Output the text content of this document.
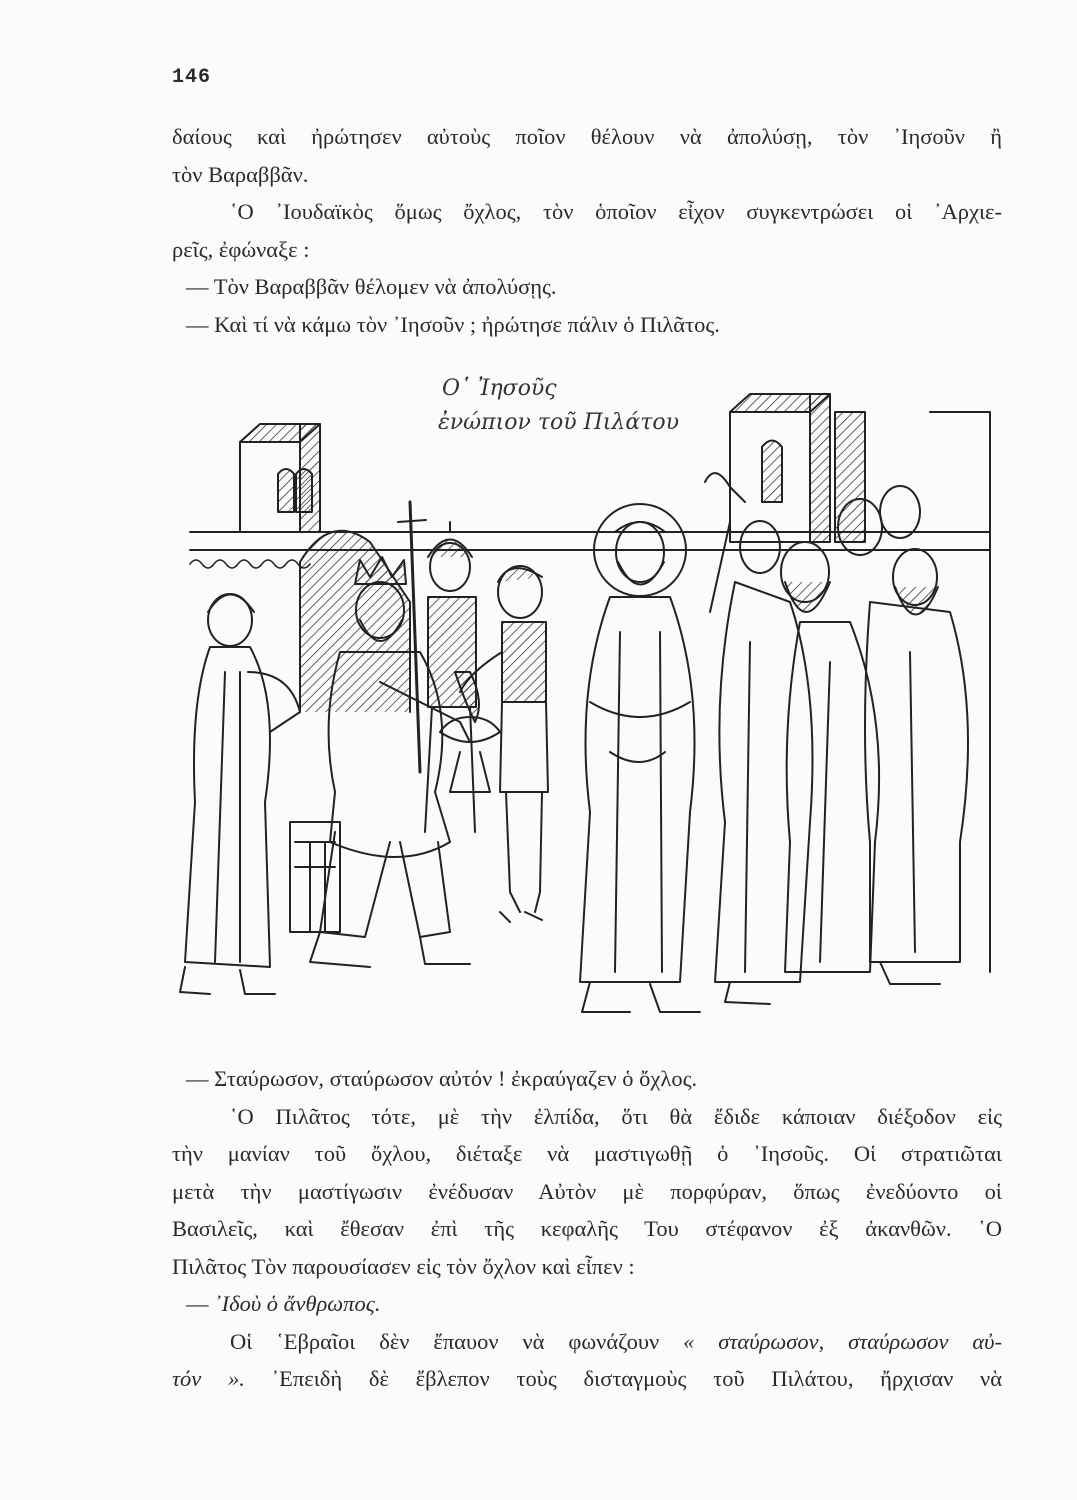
146
δαίους καὶ ἠρώτησεν αὐτοὺς ποῖον θέλουν νὰ ἀπολύσῃ, τὸν ᾿Ιησοῦν ἢ
τὸν Βαραββᾶν.
῾Ο ᾿Ιουδαϊκὸς ὅμως ὄχλος, τὸν ὁποῖον εἶχον συγκεντρώσει οἱ ᾿Αρχιε-
ρεῖς, ἐφώναξε :
— Τὸν Βαραββᾶν θέλομεν νὰ ἀπολύσῃς.
— Καὶ τί νὰ κάμω τὸν ᾿Ιησοῦν ; ἠρώτησε πάλιν ὁ Πιλᾶτος.
Ο῾ Ἰησοῦς
ἐνώπιον τοῦ Πιλάτου
— Σταύρωσον, σταύρωσον αὐτόν ! ἐκραύγαζεν ὁ ὄχλος.
῾Ο Πιλᾶτος τότε, μὲ τὴν ἐλπίδα, ὅτι θὰ ἔδιδε κάποιαν διέξοδον εἰς
τὴν μανίαν τοῦ ὄχλου, διέταξε νὰ μαστιγωθῇ ὁ ᾿Ιησοῦς. Οἱ στρατιῶται
μετὰ τὴν μαστίγωσιν ἐνέδυσαν Αὐτὸν μὲ πορφύραν, ὅπως ἐνεδύοντο οἱ
Βασιλεῖς, καὶ ἔθεσαν ἐπὶ τῆς κεφαλῆς Του στέφανον ἐξ ἀκανθῶν. ῾Ο
Πιλᾶτος Τὸν παρουσίασεν εἰς τὸν ὄχλον καὶ εἶπεν :
— ᾿Ιδοὺ ὁ ἄνθρωπος.
Οἱ ῾Εβραῖοι δὲν ἔπαυον νὰ φωνάζουν « σταύρωσον, σταύρωσον αὐ-
τόν ». ᾿Επειδὴ δὲ ἔβλεπον τοὺς δισταγμοὺς τοῦ Πιλάτου, ἤρχισαν νὰ
